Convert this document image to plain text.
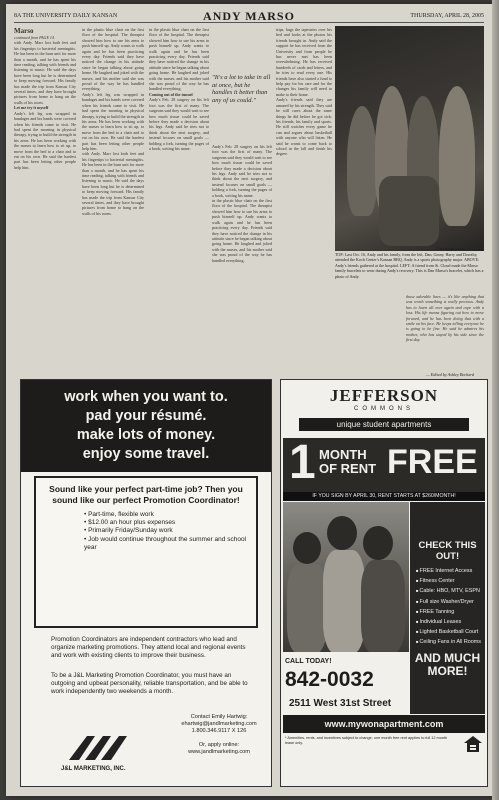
8A THE UNIVERSITY DAILY KANSAN	ANDY MARSO	THURSDAY, APRIL 28, 2005
Marso
continued from PAGE 1A

with Andy. Marr lost both feet and his fingertips to bacterial meningitis. He has been in the burn unit for more than a month, and he has spent his time reading, talking with friends and listening to music. He said the days have been long but he is determined to keep moving forward. His family has made the trip from Kansas City several times, and they have brought pictures from home to hang on the walls of his room.

Let me try it myself

Andy's left leg was wrapped in bandages and his hands were covered when his friends came to visit. He had spent the morning in physical therapy, trying to build the strength in his arms. He has been working with the nurses to learn how to sit up, to move from the bed to a chair and to eat on his own. He said the hardest part has been letting other people help him.

in the plastic blue chair on the first floor of the hospital. The therapist showed him how to use his arms to push himself up. Andy wants to walk again and he has been practicing every day. Friends said they have noticed the change in his attitude since he began talking about going home. He laughed and joked with the nurses, and his mother said she was proud of the way he has handled everything.

Andy's left leg was wrapped in bandages and his hands were covered when his friends came to visit. He had spent the morning in physical therapy, trying to build the strength in his arms. He has been working with the nurses to learn how to sit up, to move from the bed to a chair and to eat on his own. He said the hardest part has been letting other people help him.

with Andy. Marr lost both feet and his fingertips to bacterial meningitis. He has been in the burn unit for more than a month, and he has spent his time reading, talking with friends and listening to music. He said the days have been long but he is determined to keep moving forward. His family has made the trip from Kansas City several times, and they have brought pictures from home to hang on the walls of his room.

in the plastic blue chair on the first floor of the hospital. The therapist showed him how to use his arms to push himself up. Andy wants to walk again and he has been practicing every day. Friends said they have noticed the change in his attitude since he began talking about going home. He laughed and joked with the nurses, and his mother said she was proud of the way he has handled everything.

Coming out of the tunnel

Andy's Feb. 28 surgery on his left foot was the first of many. The surgeons said they would wait to see how much tissue could be saved before they made a decision about his legs. Andy said he tries not to think about the next surgery, and instead focuses on small goals — holding a fork, turning the pages of a book, writing his name.

"It's a lot to take in all at once, but he handles it better than any of us could."

Andy's Feb. 28 surgery on his left foot was the first of many. The surgeons said they would wait to see how much tissue could be saved before they made a decision about his legs. Andy said he tries not to think about the next surgery, and instead focuses on small goals — holding a fork, turning the pages of a book, writing his name.

in the plastic blue chair on the first floor of the hospital. The therapist showed him how to use his arms to push himself up. Andy wants to walk again and he has been practicing every day. Friends said they have noticed the change in his attitude since he began talking about going home. He laughed and joked with the nurses, and his mother said she was proud of the way he has handled everything.

trips, hugs the tapestries over his bed and looks at the photos his friends brought in. Andy said the support he has received from the University and from people he has never met has been overwhelming. He has received hundreds of cards and letters, and he tries to read every one. His friends have also started a fund to help pay for his care and for the changes his family will need to make to their home.

Andy's friends said they are amazed by his strength. They said he still cares about the same things he did before he got sick: his friends, his family and sports. He still watches every game he can and argues about basketball with anyone who will listen. He said he wants to come back to school in the fall and finish his degree.

Contributed photo
TOP: Last Oct. 16, Andy and his family, from the left, Dan, Ginny, Harry and Dorothy, attended the Koch Center's Kansan BBQ. Andy is a sports photography major. ABOVE: Andy's friends gathered at the hospital. LEFT: A friend from St. Cloud made the Marso family bracelets to wear during Andy's recovery. This is Dan Marso's bracelet, which has a photo of Andy.

those adorable lines — it's like anything that was worth something is really precious. Andy has to learn all over again and cope with a loss. His life means figuring out how to move forward, and he has been doing that with a smile on his face. He keeps telling everyone he is going to be fine. He said he admires his mother, who has stayed by his side since the first day.

— Edited by Ashley Bechard
work when you want to.
pad your résumé.
make lots of money.
enjoy some travel.
Sound like your perfect part-time job? Then you sound like our perfect Promotion Coordinator!
• Part-time, flexible work
• $12.00 an hour plus expenses
• Primarily Friday/Sunday work
• Job would continue throughout the summer and school year
Promotion Coordinators are independent contractors who lead and organize marketing promotions. They attend local and regional events and work with existing clients to improve their business.
To be a J&L Marketing Promotion Coordinator, you must have an outgoing and upbeat personality, reliable transportation, and be able to work independently two weekends a month.
J&L MARKETING, INC.
Contact Emily Hartwig: ehartwig@jandlmarketing.com 1.800.346.9117 X 126
Or, apply online: www.jandlmarketing.com
JEFFERSON
COMMONS
unique student apartments
1 MONTH OF RENT FREE
IF YOU SIGN BY APRIL 30, RENT STARTS AT $260/MONTH!
CHECK THIS OUT!
■ FREE Internet Access
■ Fitness Center
■ Cable: HBO, MTV, ESPN
■ Full size Washer/Dryer
■ FREE Tanning
■ Individual Leases
■ Lighted Basketball Court
■ Ceiling Fans in All Rooms
AND MUCH MORE!
CALL TODAY!
842-0032
2511 West 31st Street
www.mywonapartment.com
* Amenities, rents, and incentives subject to change, one month free rent applies to full 12 month lease only.
